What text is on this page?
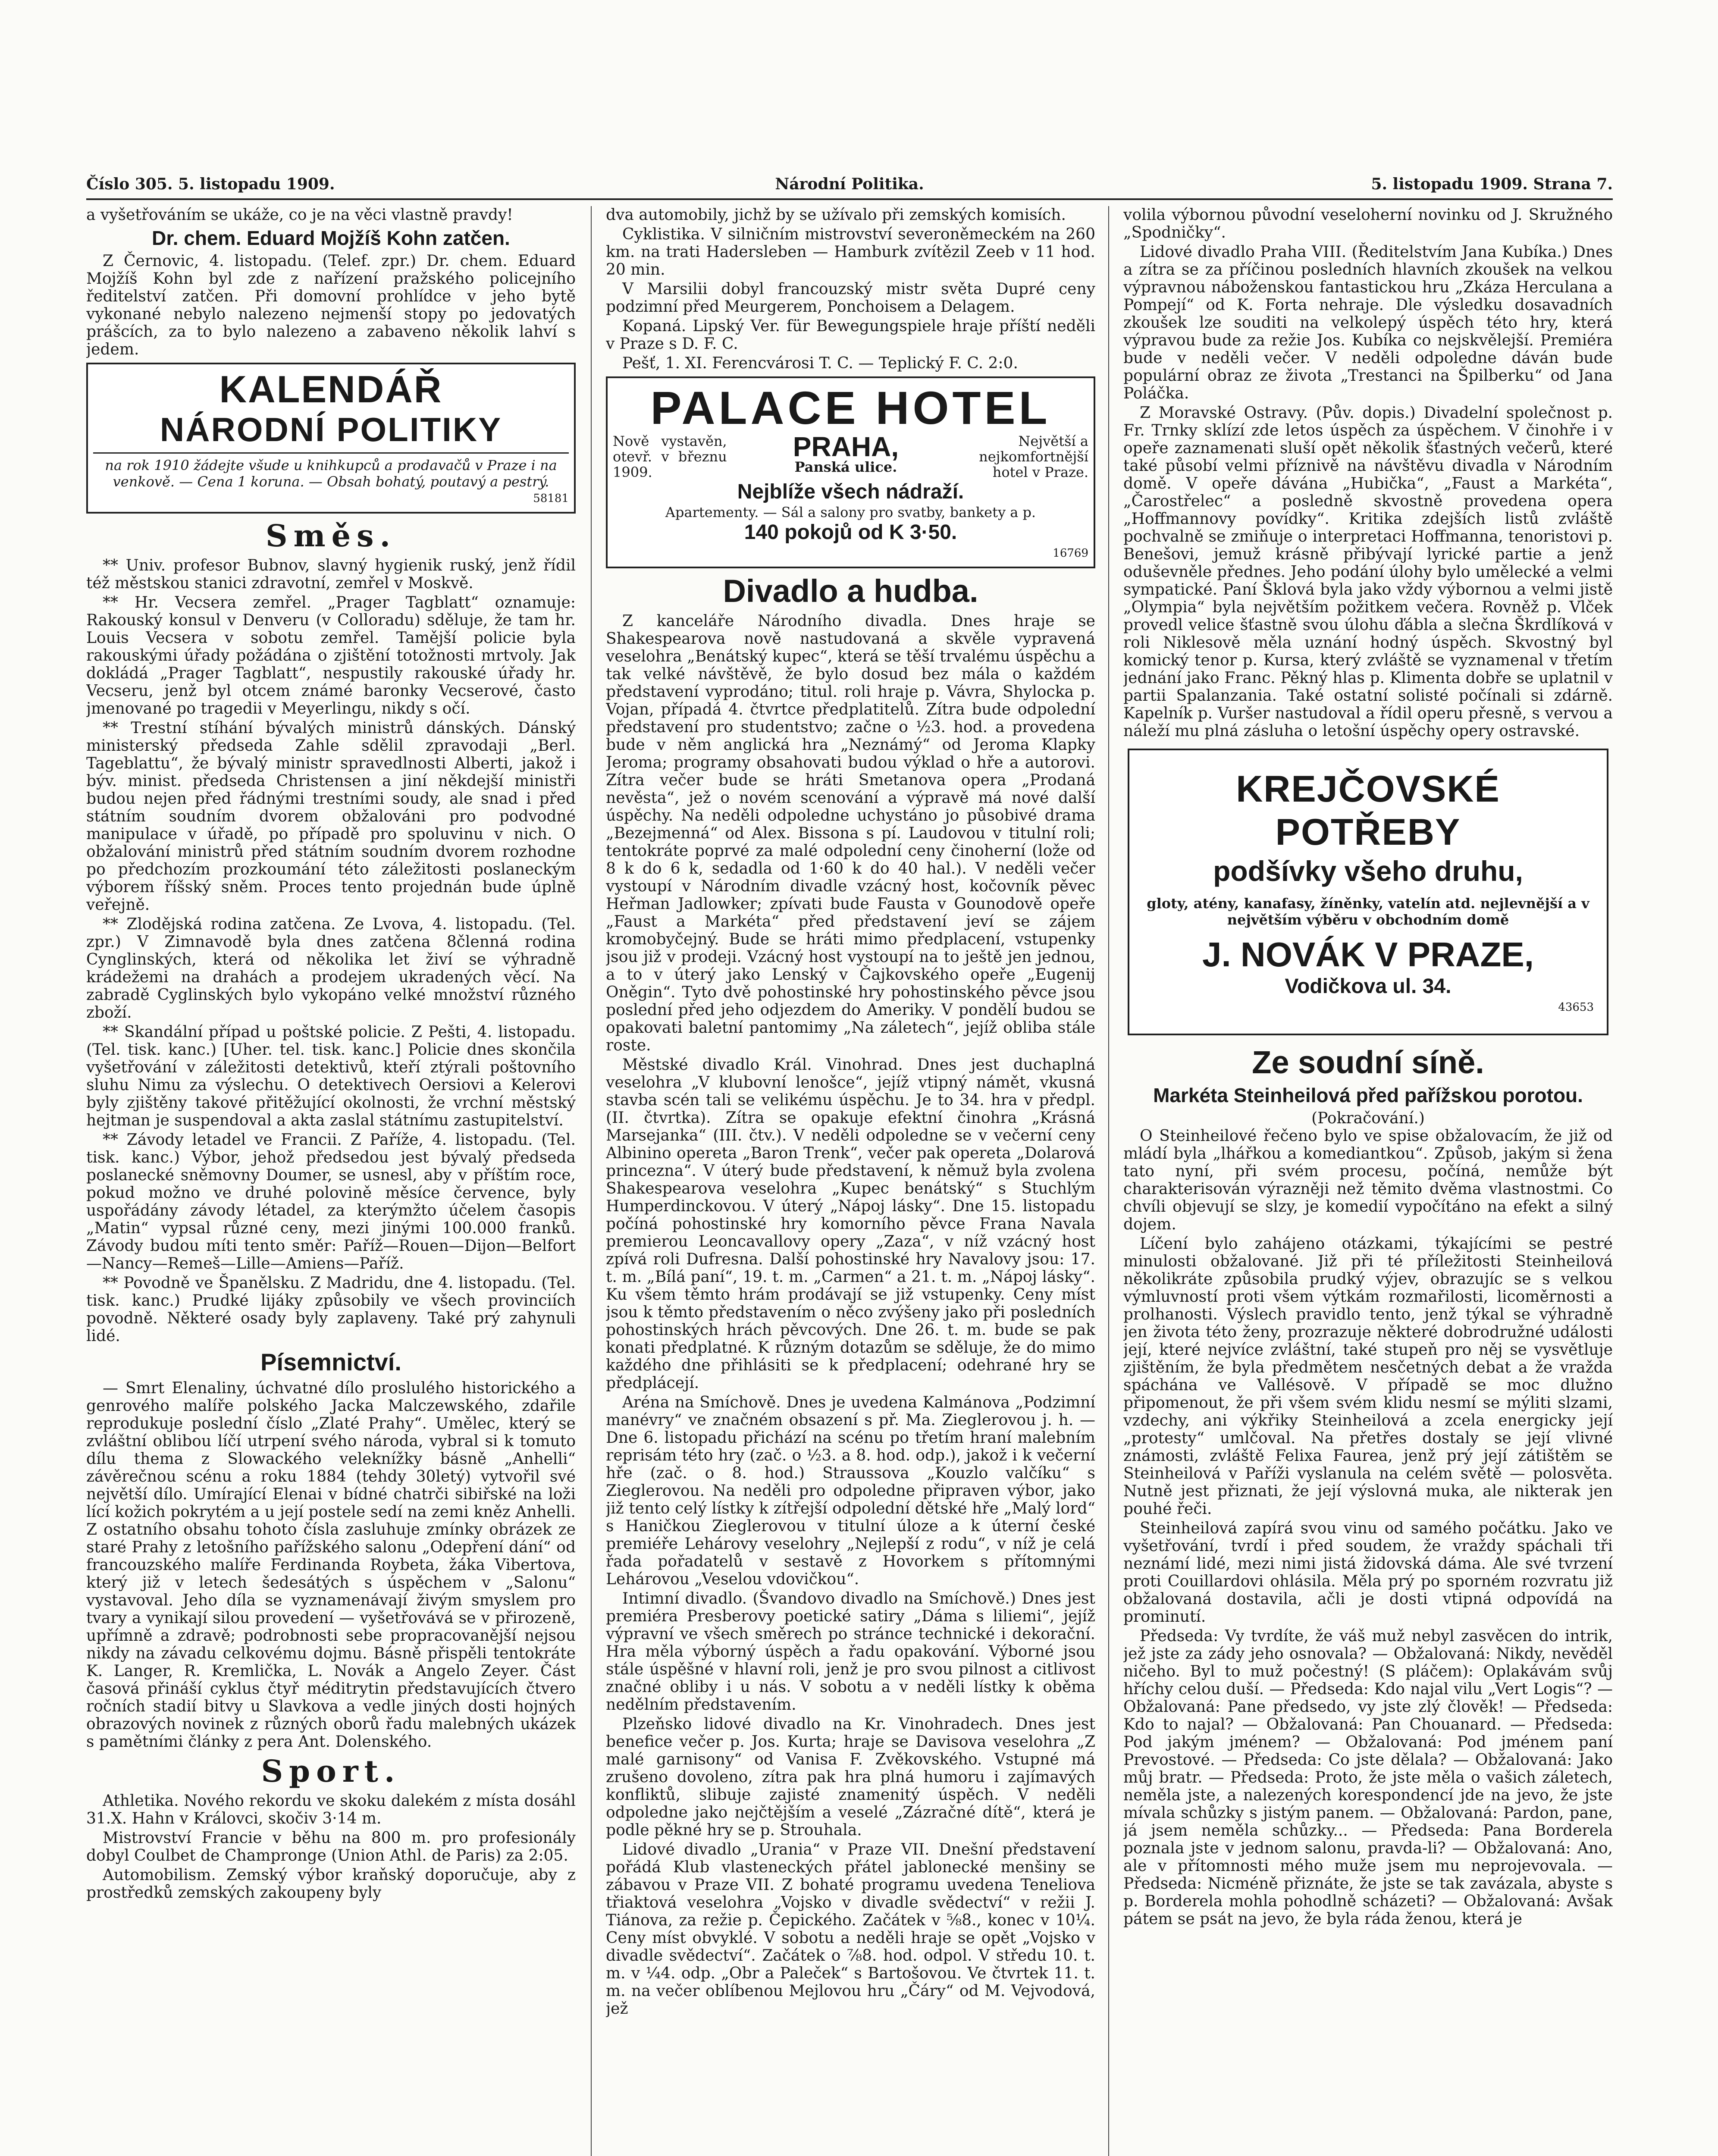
Číslo 305. 5. listopadu 1909.	Národní Politika.	5. listopadu 1909. Strana 7.

a vyšetřováním se ukáže, co je na věci vlastně pravdy!

Dr. chem. Eduard Mojžíš Kohn zatčen.

Z Černovic, 4. listopadu. (Telef. zpr.) Dr. chem. Eduard Mojžíš Kohn byl zde z nařízení pražského policejního ředitelství zatčen. Při domovní prohlídce v jeho bytě vykonané nebylo nalezeno nejmenší stopy po jedovatých prášcích, za to bylo nalezeno a zabaveno několik lahví s jedem.

KALENDÁŘ
NÁRODNÍ POLITIKY
na rok 1910 žádejte všude u knihkupců a prodavačů v Praze i na venkově. — Cena 1 koruna. — Obsah bohatý, poutavý a pestrý.
58181
Směs.

** Univ. profesor Bubnov, slavný hygienik ruský, jenž řídil též městskou stanici zdravotní, zemřel v Moskvě.

** Hr. Vecsera zemřel. „Prager Tagblatt“ oznamuje: Rakouský konsul v Denveru (v Colloradu) sděluje, že tam hr. Louis Vecsera v sobotu zemřel. Tamější policie byla rakouskými úřady požádána o zjištění totožnosti mrtvoly. Jak dokládá „Prager Tagblatt“, nespustily rakouské úřady hr. Vecseru, jenž byl otcem známé baronky Vecserové, často jmenované po tragedii v Meyerlingu, nikdy s očí.

** Trestní stíhání bývalých ministrů dánských. Dánský ministerský předseda Zahle sdělil zpravodaji „Berl. Tageblattu“, že bývalý ministr spravedlnosti Alberti, jakož i býv. minist. předseda Christensen a jiní někdejší ministři budou nejen před řádnými trestními soudy, ale snad i před státním soudním dvorem obžalováni pro podvodné manipulace v úřadě, po případě pro spoluvinu v nich. O obžalování ministrů před státním soudním dvorem rozhodne po předchozím prozkoumání této záležitosti poslaneckým výborem říšský sněm. Proces tento projednán bude úplně veřejně.

** Zlodějská rodina zatčena. Ze Lvova, 4. listopadu. (Tel. zpr.) V Zimnavodě byla dnes zatčena 8členná rodina Cynglinských, která od několika let živí se výhradně krádežemi na drahách a prodejem ukradených věcí. Na zabradě Cyglinských bylo vykopáno velké množství různého zboží.

** Skandální případ u poštské policie. Z Pešti, 4. listopadu. (Tel. tisk. kanc.) [Uher. tel. tisk. kanc.] Policie dnes skončila vyšetřování v záležitosti detektivů, kteří ztýrali poštovního sluhu Nimu za výslechu. O detektivech Oersiovi a Kelerovi byly zjištěny takové přitěžující okolnosti, že vrchní městský hejtman je suspendoval a akta zaslal státnímu zastupitelství.

** Závody letadel ve Francii. Z Paříže, 4. listopadu. (Tel. tisk. kanc.) Výbor, jehož předsedou jest bývalý předseda poslanecké sněmovny Doumer, se usnesl, aby v příštím roce, pokud možno ve druhé polovině měsíce července, byly uspořádány závody létadel, za kterýmžto účelem časopis „Matin“ vypsal různé ceny, mezi jinými 100.000 franků. Závody budou míti tento směr: Paříž—Rouen—Dijon—Belfort—Nancy—Remeš—Lille—Amiens—Paříž.

** Povodně ve Španělsku. Z Madridu, dne 4. listopadu. (Tel. tisk. kanc.) Prudké lijáky způsobily ve všech provinciích povodně. Některé osady byly zaplaveny. Také prý zahynuli lidé.

Písemnictví.

— Smrt Elenaliny, úchvatné dílo proslulého historického a genrového malíře polského Jacka Malczewského, zdařile reprodukuje poslední číslo „Zlaté Prahy“. Umělec, který se zvláštní oblibou líčí utrpení svého národa, vybral si k tomuto dílu thema z Slowackého veleknížky básně „Anhelli“ závěrečnou scénu a roku 1884 (tehdy 30letý) vytvořil své největší dílo. Umírající Elenai v bídné chatrči sibiřské na loži lící kožich pokrytém a u její postele sedí na zemi kněz Anhelli. Z ostatního obsahu tohoto čísla zasluhuje zmínky obrázek ze staré Prahy z letošního pařížského salonu „Odepření dání“ od francouzského malíře Ferdinanda Roybeta, žáka Vibertova, který již v letech šedesátých s úspěchem v „Salonu“ vystavoval. Jeho díla se vyznamenávají živým smyslem pro tvary a vynikají silou provedení — vyšetřovává se v přirozeně, upřímně a zdravě; podrobnosti sebe propracovanější nejsou nikdy na závadu celkovému dojmu. Básně přispěli tentokráte K. Langer, R. Kremlička, L. Novák a Angelo Zeyer. Část časová přináší cyklus čtyř méditrytin představujících čtvero ročních stadií bitvy u Slavkova a vedle jiných dosti hojných obrazových novinek z různých oborů řadu malebných ukázek s pamětními články z pera Ant. Dolenského.

Sport.

Athletika. Nového rekordu ve skoku dalekém z místa dosáhl 31.X. Hahn v Královci, skočiv 3·14 m.

Mistrovství Francie v běhu na 800 m. pro profesionály dobyl Coulbet de Champronge (Union Athl. de Paris) za 2:05.

Automobilism. Zemský výbor kraňský doporučuje, aby z prostředků zemských zakoupeny byly

dva automobily, jichž by se užívalo při zemských komisích.

Cyklistika. V silničním mistrovství severoněmeckém na 260 km. na trati Hadersleben — Hamburk zvítězil Zeeb v 11 hod. 20 min.

V Marsilii dobyl francouzský mistr světa Dupré ceny podzimní před Meurgerem, Ponchoisem a Delagem.

Kopaná. Lipský Ver. für Bewegungspiele hraje příští neděli v Praze s D. F. C.

Pešť, 1. XI. Ferencvárosi T. C. — Teplický F. C. 2:0.

PALACE HOTEL
Nově vystavěn, otevř. v březnu 1909.
PRAHA,
Panská ulice.
Největší a nejkomfortnější hotel v Praze.
Nejblíže všech nádraží.
Apartementy. — Sál a salony pro svatby, bankety a p.
140 pokojů od K 3·50.
16769
Divadlo a hudba.

Z kanceláře Národního divadla. Dnes hraje se Shakespearova nově nastudovaná a skvěle vypravená veselohra „Benátský kupec“, která se těší trvalému úspěchu a tak velké návštěvě, že bylo dosud bez mála o každém představení vyprodáno; titul. roli hraje p. Vávra, Shylocka p. Vojan, případá 4. čtvrtce předplatitelů. Zítra bude odpolední představení pro studentstvo; začne o ½3. hod. a provedena bude v něm anglická hra „Neznámý“ od Jeroma Klapky Jeroma; programy obsahovati budou výklad o hře a autorovi. Zítra večer bude se hráti Smetanova opera „Prodaná nevěsta“, jež o novém scenování a výpravě má nové další úspěchy. Na neděli odpoledne uchystáno jo působivé drama „Bezejmenná“ od Alex. Bissona s pí. Laudovou v titulní roli; tentokráte poprvé za malé odpolední ceny činoherní (lože od 8 k do 6 k, sedadla od 1·60 k do 40 hal.). V neděli večer vystoupí v Národním divadle vzácný host, kočovník pěvec Heřman Jadlowker; zpívati bude Fausta v Gounodově opeře „Faust a Markéta“ před představení jeví se zájem kromobyčejný. Bude se hráti mimo předplacení, vstupenky jsou již v prodeji. Vzácný host vystoupí na to ještě jen jednou, a to v úterý jako Lenský v Čajkovského opeře „Eugenij Oněgin“. Tyto dvě pohostinské hry pohostinského pěvce jsou poslední před jeho odjezdem do Ameriky. V pondělí budou se opakovati baletní pantomimy „Na záletech“, jejíž obliba stále roste.

Městské divadlo Král. Vinohrad. Dnes jest duchaplná veselohra „V klubovní lenošce“, jejíž vtipný námět, vkusná stavba scén tali se velikému úspěchu. Je to 34. hra v předpl. (II. čtvrtka). Zítra se opakuje efektní činohra „Krásná Marsejanka“ (III. čtv.). V neděli odpoledne se v večerní ceny Albinino opereta „Baron Trenk“, večer pak opereta „Dolarová princezna“. V úterý bude představení, k němuž byla zvolena Shakespearova veselohra „Kupec benátský“ s Stuchlým Humperdinckovou. V úterý „Nápoj lásky“. Dne 15. listopadu počíná pohostinské hry komorního pěvce Frana Navala premierou Leoncavallovy opery „Zaza“, v níž vzácný host zpívá roli Dufresna. Další pohostinské hry Navalovy jsou: 17. t. m. „Bílá paní“, 19. t. m. „Carmen“ a 21. t. m. „Nápoj lásky“. Ku všem těmto hrám prodávají se již vstupenky. Ceny míst jsou k těmto představením o něco zvýšeny jako při posledních pohostinských hrách pěvcových. Dne 26. t. m. bude se pak konati předplatné. K různým dotazům se sděluje, že do mimo každého dne přihlásiti se k předplacení; odehrané hry se předplácejí.

Aréna na Smíchově. Dnes je uvedena Kalmánova „Podzimní manévry“ ve značném obsazení s př. Ma. Zieglerovou j. h. — Dne 6. listopadu přichází na scénu po třetím hraní malebním reprisám této hry (zač. o ½3. a 8. hod. odp.), jakož i k večerní hře (zač. o 8. hod.) Straussova „Kouzlo valčíku“ s Zieglerovou. Na neděli pro odpoledne připraven výbor, jako již tento celý lístky k zítřejší odpolední dětské hře „Malý lord“ s Haničkou Zieglerovou v titulní úloze a k úterní české premiéře Lehárovy veselohry „Nejlepší z rodu“, v níž je celá řada pořadatelů v sestavě z Hovorkem s přítomnými Lehárovou „Veselou vdovičkou“.

Intimní divadlo. (Švandovo divadlo na Smíchově.) Dnes jest premiéra Presberovy poetické satiry „Dáma s liliemi“, jejíž výpravní ve všech směrech po stránce technické i dekorační. Hra měla výborný úspěch a řadu opakování. Výborné jsou stále úspěšné v hlavní roli, jenž je pro svou pilnost a citlivost značné obliby i u nás. V sobotu a v neděli lístky k oběma nedělním představením.

Plzeňsko lidové divadlo na Kr. Vinohradech. Dnes jest benefice večer p. Jos. Kurta; hraje se Davisova veselohra „Z malé garnisony“ od Vanisa F. Zvěkovského. Vstupné má zrušeno dovoleno, zítra pak hra plná humoru i zajímavých konfliktů, slibuje zajisté znamenitý úspěch. V neděli odpoledne jako nejčtějším a veselé „Zázračné dítě“, která je podle pěkné hry se p. Strouhala.

Lidové divadlo „Urania“ v Praze VII. Dnešní představení pořádá Klub vlasteneckých přátel jablonecké menšiny se zábavou v Praze VII. Z bohaté programu uvedena Teneliova třiaktová veselohra „Vojsko v divadle svědectví“ v režii J. Tiánova, za režie p. Čepického. Začátek v ⅝8., konec v 10¼. Ceny míst obvyklé. V sobotu a neděli hraje se opět „Vojsko v divadle svědectví“. Začátek o ⅞8. hod. odpol. V středu 10. t. m. v ¼4. odp. „Obr a Paleček“ s Bartošovou. Ve čtvrtek 11. t. m. na večer oblíbenou Mejlovou hru „Čáry“ od M. Vejvodová, jež

volila výbornou původní veseloherní novinku od J. Skružného „Spodničky“.

Lidové divadlo Praha VIII. (Ředitelstvím Jana Kubíka.) Dnes a zítra se za příčinou posledních hlavních zkoušek na velkou výpravnou náboženskou fantastickou hru „Zkáza Herculana a Pompejí“ od K. Forta nehraje. Dle výsledku dosavadních zkoušek lze souditi na velkolepý úspěch této hry, která výpravou bude za režie Jos. Kubíka co nejskvělejší. Premiéra bude v neděli večer. V neděli odpoledne dáván bude populární obraz ze života „Trestanci na Špilberku“ od Jana Poláčka.

Z Moravské Ostravy. (Pův. dopis.) Divadelní společnost p. Fr. Trnky sklízí zde letos úspěch za úspěchem. V činohře i v opeře zaznamenati sluší opět několik šťastných večerů, které také působí velmi příznivě na návštěvu divadla v Národním domě. V opeře dávána „Hubička“, „Faust a Markéta“, „Čarostřelec“ a posledně skvostně provedena opera „Hoffmannovy povídky“. Kritika zdejších listů zvláště pochvalně se zmiňuje o interpretaci Hoffmanna, tenoristovi p. Benešovi, jemuž krásně přibývají lyrické partie a jenž oduševněle přednes. Jeho podání úlohy bylo umělecké a velmi sympatické. Paní Šklová byla jako vždy výbornou a velmi jistě „Olympia“ byla největším požitkem večera. Rovněž p. Vlček provedl velice šťastně svou úlohu ďábla a slečna Škrdlíková v roli Niklesově měla uznání hodný úspěch. Skvostný byl komický tenor p. Kursa, který zvláště se vyznamenal v třetím jednání jako Franc. Pěkný hlas p. Klimenta dobře se uplatnil v partii Spalanzania. Také ostatní solisté počínali si zdárně. Kapelník p. Vuršer nastudoval a řídil operu přesně, s vervou a náleží mu plná zásluha o letošní úspěchy opery ostravské.

KREJČOVSKÉ POTŘEBY
podšívky všeho druhu,
gloty, atény, kanafasy, žíněnky, vatelín atd. nejlevnější a v největším výběru v obchodním domě
J. NOVÁK V PRAZE,
Vodičkova ul. 34.
43653
Ze soudní síně.
Markéta Steinheilová před pařížskou porotou.
(Pokračování.)

O Steinheilové řečeno bylo ve spise obžalovacím, že již od mládí byla „lhářkou a komediantkou“. Způsob, jakým si žena tato nyní, při svém procesu, počíná, nemůže být charakterisován výrazněji než těmito dvěma vlastnostmi. Co chvíli objevují se slzy, je komedií vypočítáno na efekt a silný dojem.

Líčení bylo zahájeno otázkami, týkajícími se pestré minulosti obžalované. Již při té příležitosti Steinheilová několikráte způsobila prudký výjev, obrazujíc se s velkou výmluvností proti všem výtkám rozmařilosti, licoměrnosti a prolhanosti. Výslech pravidlo tento, jenž týkal se výhradně jen života této ženy, prozrazuje některé dobrodružné události její, které nejvíce zvláštní, také stupeň pro něj se vysvětluje zjištěním, že byla předmětem nesčetných debat a že vražda spáchána ve Vallésově. V případě se moc dlužno připomenout, že při všem svém klidu nesmí se mýliti slzami, vzdechy, ani výkřiky Steinheilová a zcela energicky její „protesty“ umlčoval. Na přetřes dostaly se její vlivné známosti, zvláště Felixa Faurea, jenž prý její zátištěm se Steinheilová v Paříži vyslanula na celém světě — polosvěta. Nutně jest přiznati, že její výslovná muka, ale nikterak jen pouhé řeči.

Steinheilová zapírá svou vinu od samého počátku. Jako ve vyšetřování, tvrdí i před soudem, že vraždy spáchali tři neznámí lidé, mezi nimi jistá židovská dáma. Ale své tvrzení proti Couillardovi ohlásila. Měla prý po sporném rozvratu již obžalovaná dostavila, ačli je dosti vtipná odpovídá na prominutí.

Předseda: Vy tvrdíte, že váš muž nebyl zasvěcen do intrik, jež jste za zády jeho osnovala? — Obžalovaná: Nikdy, nevěděl ničeho. Byl to muž počestný! (S pláčem): Oplakávám svůj hříchy celou duší. — Předseda: Kdo najal vilu „Vert Logis“? — Obžalovaná: Pane předsedo, vy jste zlý člověk! — Předseda: Kdo to najal? — Obžalovaná: Pan Chouanard. — Předseda: Pod jakým jménem? — Obžalovaná: Pod jménem paní Prevostové. — Předseda: Co jste dělala? — Obžalovaná: Jako můj bratr. — Předseda: Proto, že jste měla o vašich záletech, neměla jste, a nalezených korespondencí jde na jevo, že jste mívala schůzky s jistým panem. — Obžalovaná: Pardon, pane, já jsem neměla schůzky... — Předseda: Pana Borderela poznala jste v jednom salonu, pravda-li? — Obžalovaná: Ano, ale v přítomnosti mého muže jsem mu neprojevovala. — Předseda: Nicméně přiznáte, že jste se tak zavázala, abyste s p. Borderela mohla pohodlně scházeti? — Obžalovaná: Avšak pátem se psát na jevo, že byla ráda ženou, která je
